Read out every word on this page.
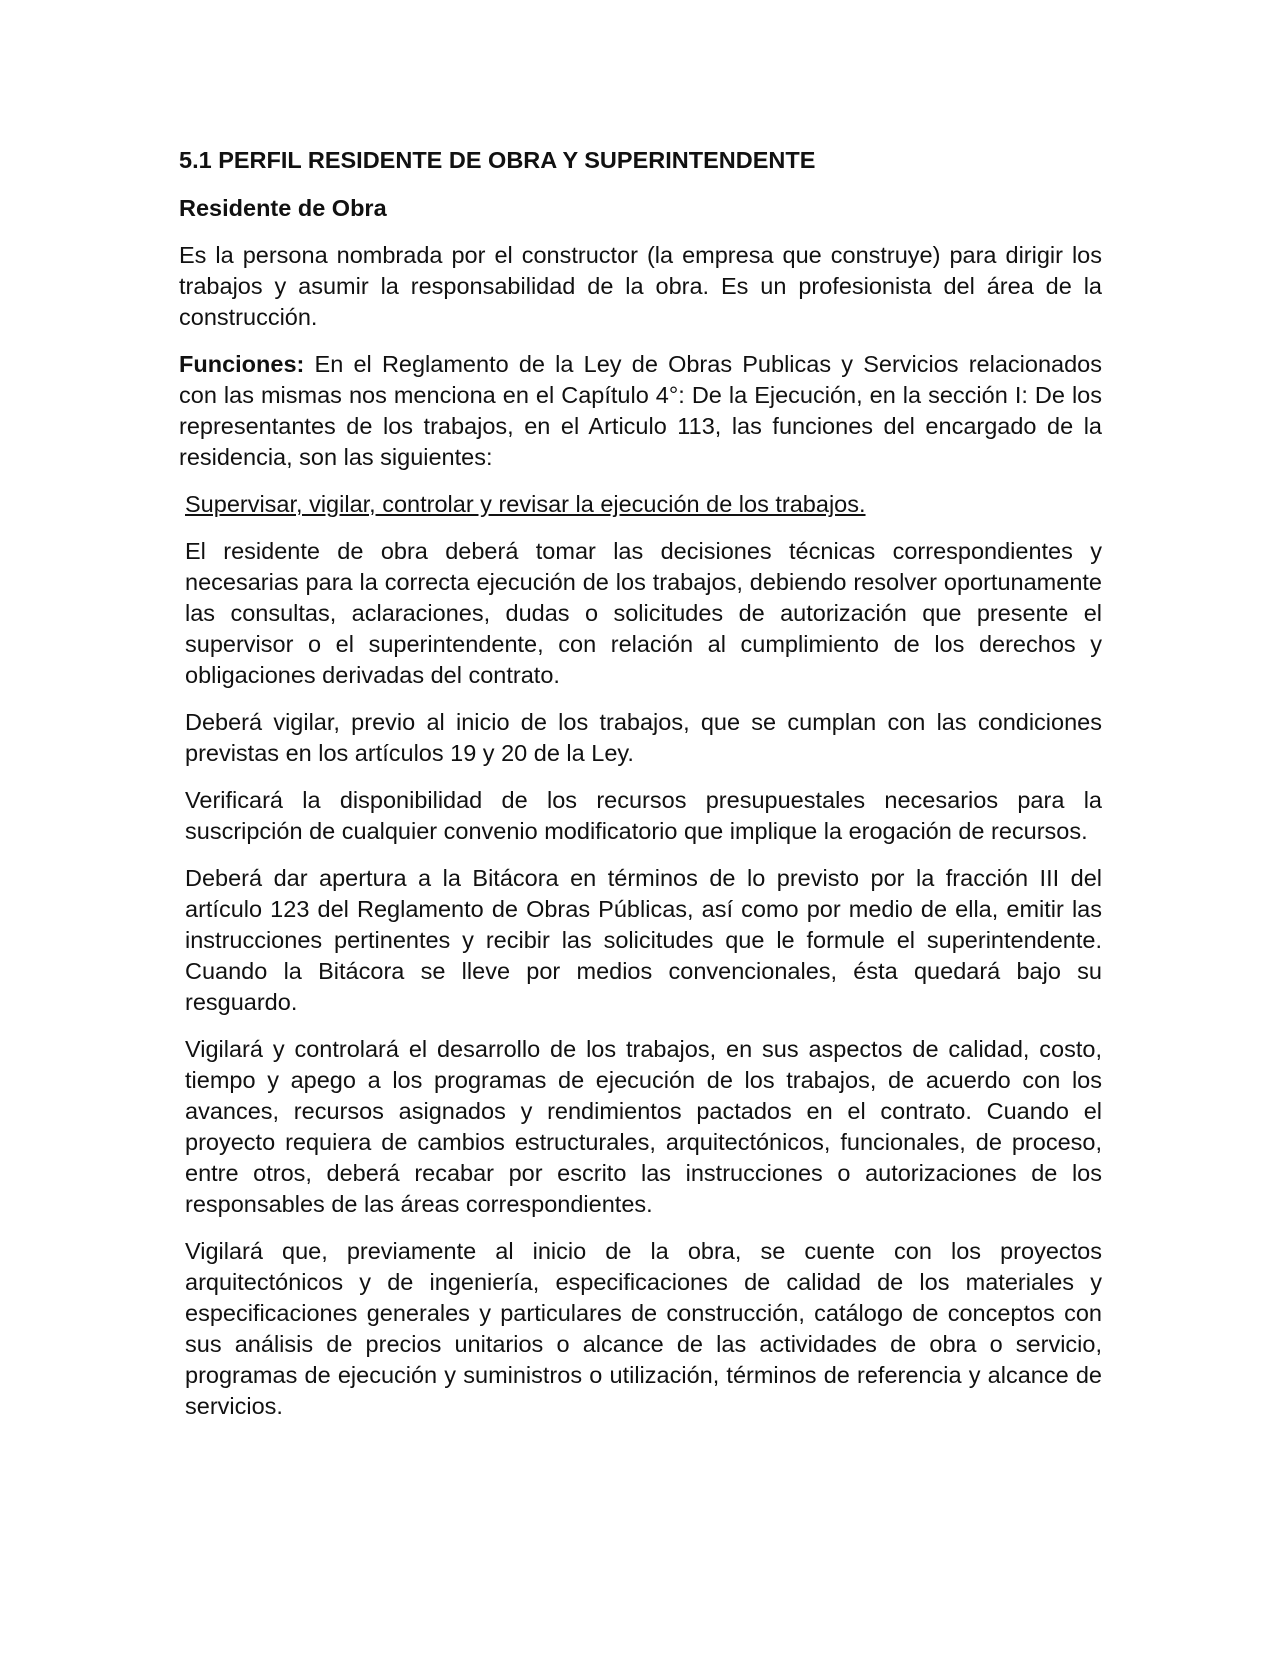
5.1 PERFIL RESIDENTE DE OBRA Y SUPERINTENDENTE

Residente de Obra

Es la persona nombrada por el constructor (la empresa que construye) para dirigir los trabajos y asumir la responsabilidad de la obra. Es un profesionista del área de la construcción.

Funciones: En el Reglamento de la Ley de Obras Publicas y Servicios relacionados con las mismas nos menciona en el Capítulo 4°: De la Ejecución, en la sección I: De los representantes de los trabajos, en el Articulo 113, las funciones del encargado de la residencia, son las siguientes:

Supervisar, vigilar, controlar y revisar la ejecución de los trabajos.

El residente de obra deberá tomar las decisiones técnicas correspondientes y necesarias para la correcta ejecución de los trabajos, debiendo resolver oportunamente las consultas, aclaraciones, dudas o solicitudes de autorización que presente el supervisor o el superintendente, con relación al cumplimiento de los derechos y obligaciones derivadas del contrato.

Deberá vigilar, previo al inicio de los trabajos, que se cumplan con las condiciones previstas en los artículos 19 y 20 de la Ley.

Verificará la disponibilidad de los recursos presupuestales necesarios para la suscripción de cualquier convenio modificatorio que implique la erogación de recursos.

Deberá dar apertura a la Bitácora en términos de lo previsto por la fracción III del artículo 123 del Reglamento de Obras Públicas, así como por medio de ella, emitir las instrucciones pertinentes y recibir las solicitudes que le formule el superintendente. Cuando la Bitácora se lleve por medios convencionales, ésta quedará bajo su resguardo.

Vigilará y controlará el desarrollo de los trabajos, en sus aspectos de calidad, costo, tiempo y apego a los programas de ejecución de los trabajos, de acuerdo con los avances, recursos asignados y rendimientos pactados en el contrato. Cuando el proyecto requiera de cambios estructurales, arquitectónicos, funcionales, de proceso, entre otros, deberá recabar por escrito las instrucciones o autorizaciones de los responsables de las áreas correspondientes.

Vigilará que, previamente al inicio de la obra, se cuente con los proyectos arquitectónicos y de ingeniería, especificaciones de calidad de los materiales y especificaciones generales y particulares de construcción, catálogo de conceptos con sus análisis de precios unitarios o alcance de las actividades de obra o servicio, programas de ejecución y suministros o utilización, términos de referencia y alcance de servicios.
